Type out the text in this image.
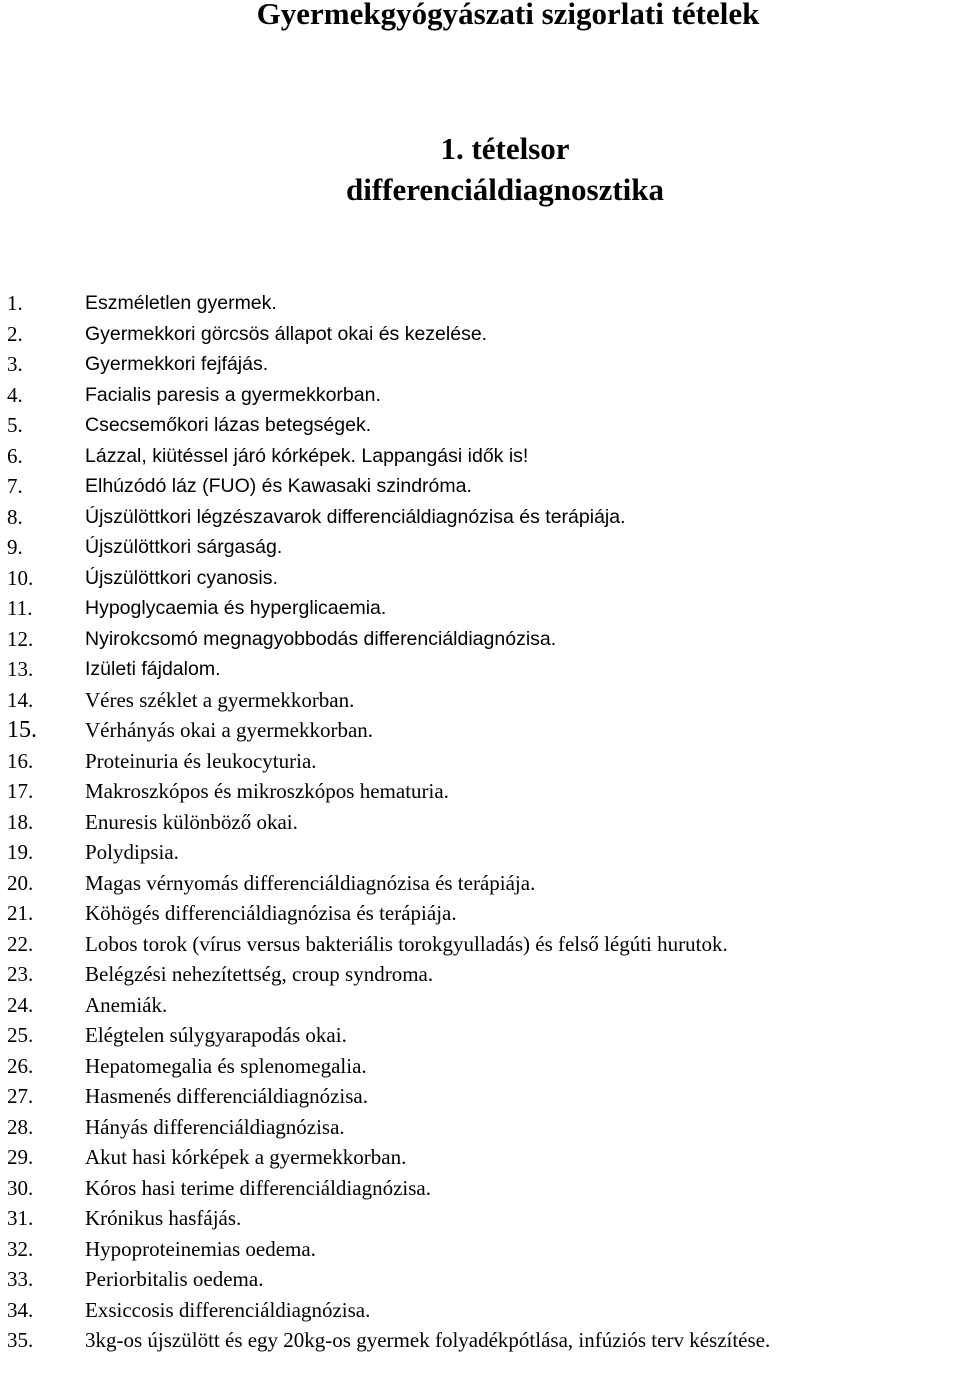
Gyermekgyógyászati szigorlati tételek
1. tételsor
differenciáldiagnosztika
1.	Eszméletlen gyermek.
2.	Gyermekkori görcsös állapot okai és kezelése.
3.	Gyermekkori fejfájás.
4.	Facialis paresis a gyermekkorban.
5.	Csecsemőkori lázas betegségek.
6.	Lázzal, kiütéssel járó kórképek. Lappangási idők is!
7.	Elhúzódó láz (FUO) és Kawasaki szindróma.
8.	Újszülöttkori légzészavarok differenciáldiagnózisa és terápiája.
9.	Újszülöttkori sárgaság.
10.	Újszülöttkori cyanosis.
11.	Hypoglycaemia és hyperglicaemia.
12.	Nyirokcsomó megnagyobbodás differenciáldiagnózisa.
13.	Izületi fájdalom.
14. Véres széklet a gyermekkorban.
15. Vérhányás okai a gyermekkorban.
16. Proteinuria és leukocyturia.
17. Makroszkópos és mikroszkópos hematuria.
18. Enuresis különböző okai.
19. Polydipsia.
20. Magas vérnyomás differenciáldiagnózisa és terápiája.
21. Köhögés differenciáldiagnózisa és terápiája.
22. Lobos torok (vírus versus bakteriális torokgyulladás) és felső légúti hurutok.
23. Belégzési nehezítettség, croup syndroma.
24. Anemiák.
25. Elégtelen súlygyarapodás okai.
26. Hepatomegalia és splenomegalia.
27. Hasmenés differenciáldiagnózisa.
28. Hányás differenciáldiagnózisa.
29. Akut hasi kórképek a gyermekkorban.
30. Kóros hasi terime differenciáldiagnózisa.
31. Krónikus hasfájás.
32. Hypoproteinemias oedema.
33. Periorbitalis oedema.
34. Exsiccosis differenciáldiagnózisa.
35. 3kg-os újszülött és egy 20kg-os gyermek folyadékpótlása, infúziós terv készítése.
